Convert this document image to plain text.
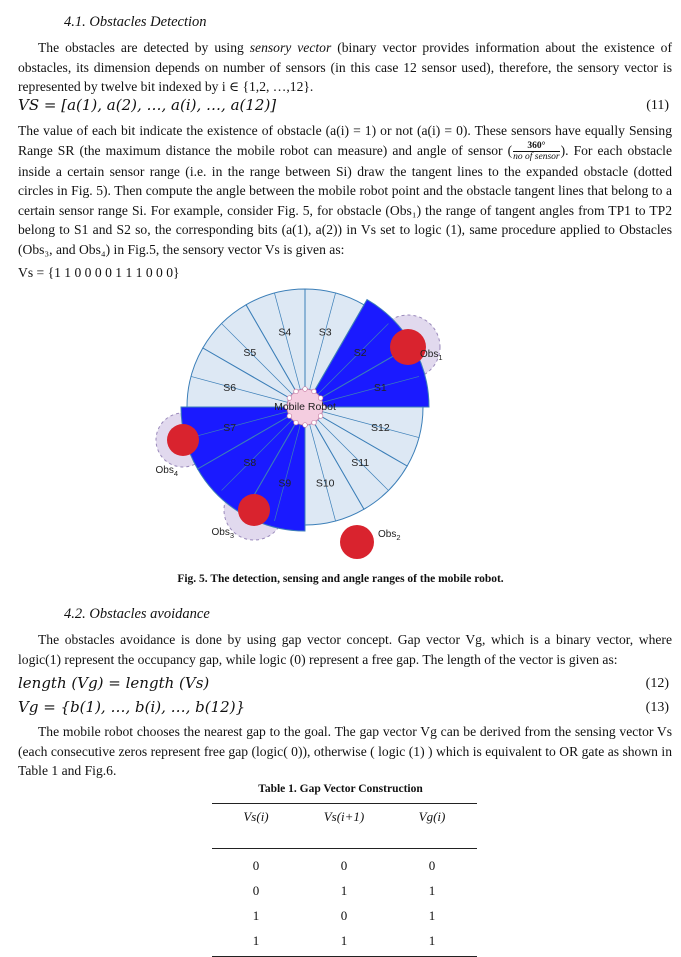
4.1. Obstacles Detection

The obstacles are detected by using sensory vector (binary vector provides information about the existence of obstacles, its dimension depends on number of sensors (in this case 12 sensor used), therefore, the sensory vector is represented by twelve bit indexed by i ∈ {1,2, …,12}.

VS = [a(1), a(2), …, a(i), …, a(12)]	(11)

The value of each bit indicate the existence of obstacle (a(i) = 1) or not (a(i) = 0). These sensors have equally Sensing Range SR (the maximum distance the mobile robot can measure) and angle of sensor ( $\frac{360^\circ}{\text{no of sensor}}$ ). For each obstacle inside a certain sensor range (i.e. in the range between Si) draw the tangent lines to the expanded obstacle (dotted circles in Fig. 5). Then compute the angle between the mobile robot point and the obstacle tangent lines that belong to a certain sensor range Si. For example, consider Fig. 5, for obstacle (Obs₁) the range of tangent angles from TP1 to TP2 belong to S1 and S2 so, the corresponding bits (a(1), a(2)) in Vs set to logic (1), same procedure applied to Obstacles (Obs₃, and Obs₄) in Fig.5, the sensory vector Vs is given as:

Vs = {1 1 0 0 0 0 1 1 1 0 0 0}
S1
S2
S3
S4
S5
S6
S7
S8
S9 S10
S11
S12
Mobile Robot
Obs$_1$
Obs$_2$
Obs$_3$
Obs$_4$
Fig. 5. The detection, sensing and angle ranges of the mobile robot.
4.2. Obstacles avoidance

The obstacles avoidance is done by using gap vector concept. Gap vector Vg, which is a binary vector, where logic(1) represent the occupancy gap, while logic (0) represent a free gap. The length of the vector is given as:

length (Vg) = length (Vs)	(12)
Vg = {b(1), …, b(i), …, b(12)}	(13)

The mobile robot chooses the nearest gap to the goal. The gap vector Vg can be derived from the sensing vector Vs (each consecutive zeros represent free gap (logic( 0)), otherwise ( logic (1) ) which is equivalent to OR gate as shown in Table 1 and Fig.6.

Table 1. Gap Vector Construction
Vs(i)	Vs(i+1)	Vg(i)
0	0	0
0	1	1
1	0	1
1	1	1
